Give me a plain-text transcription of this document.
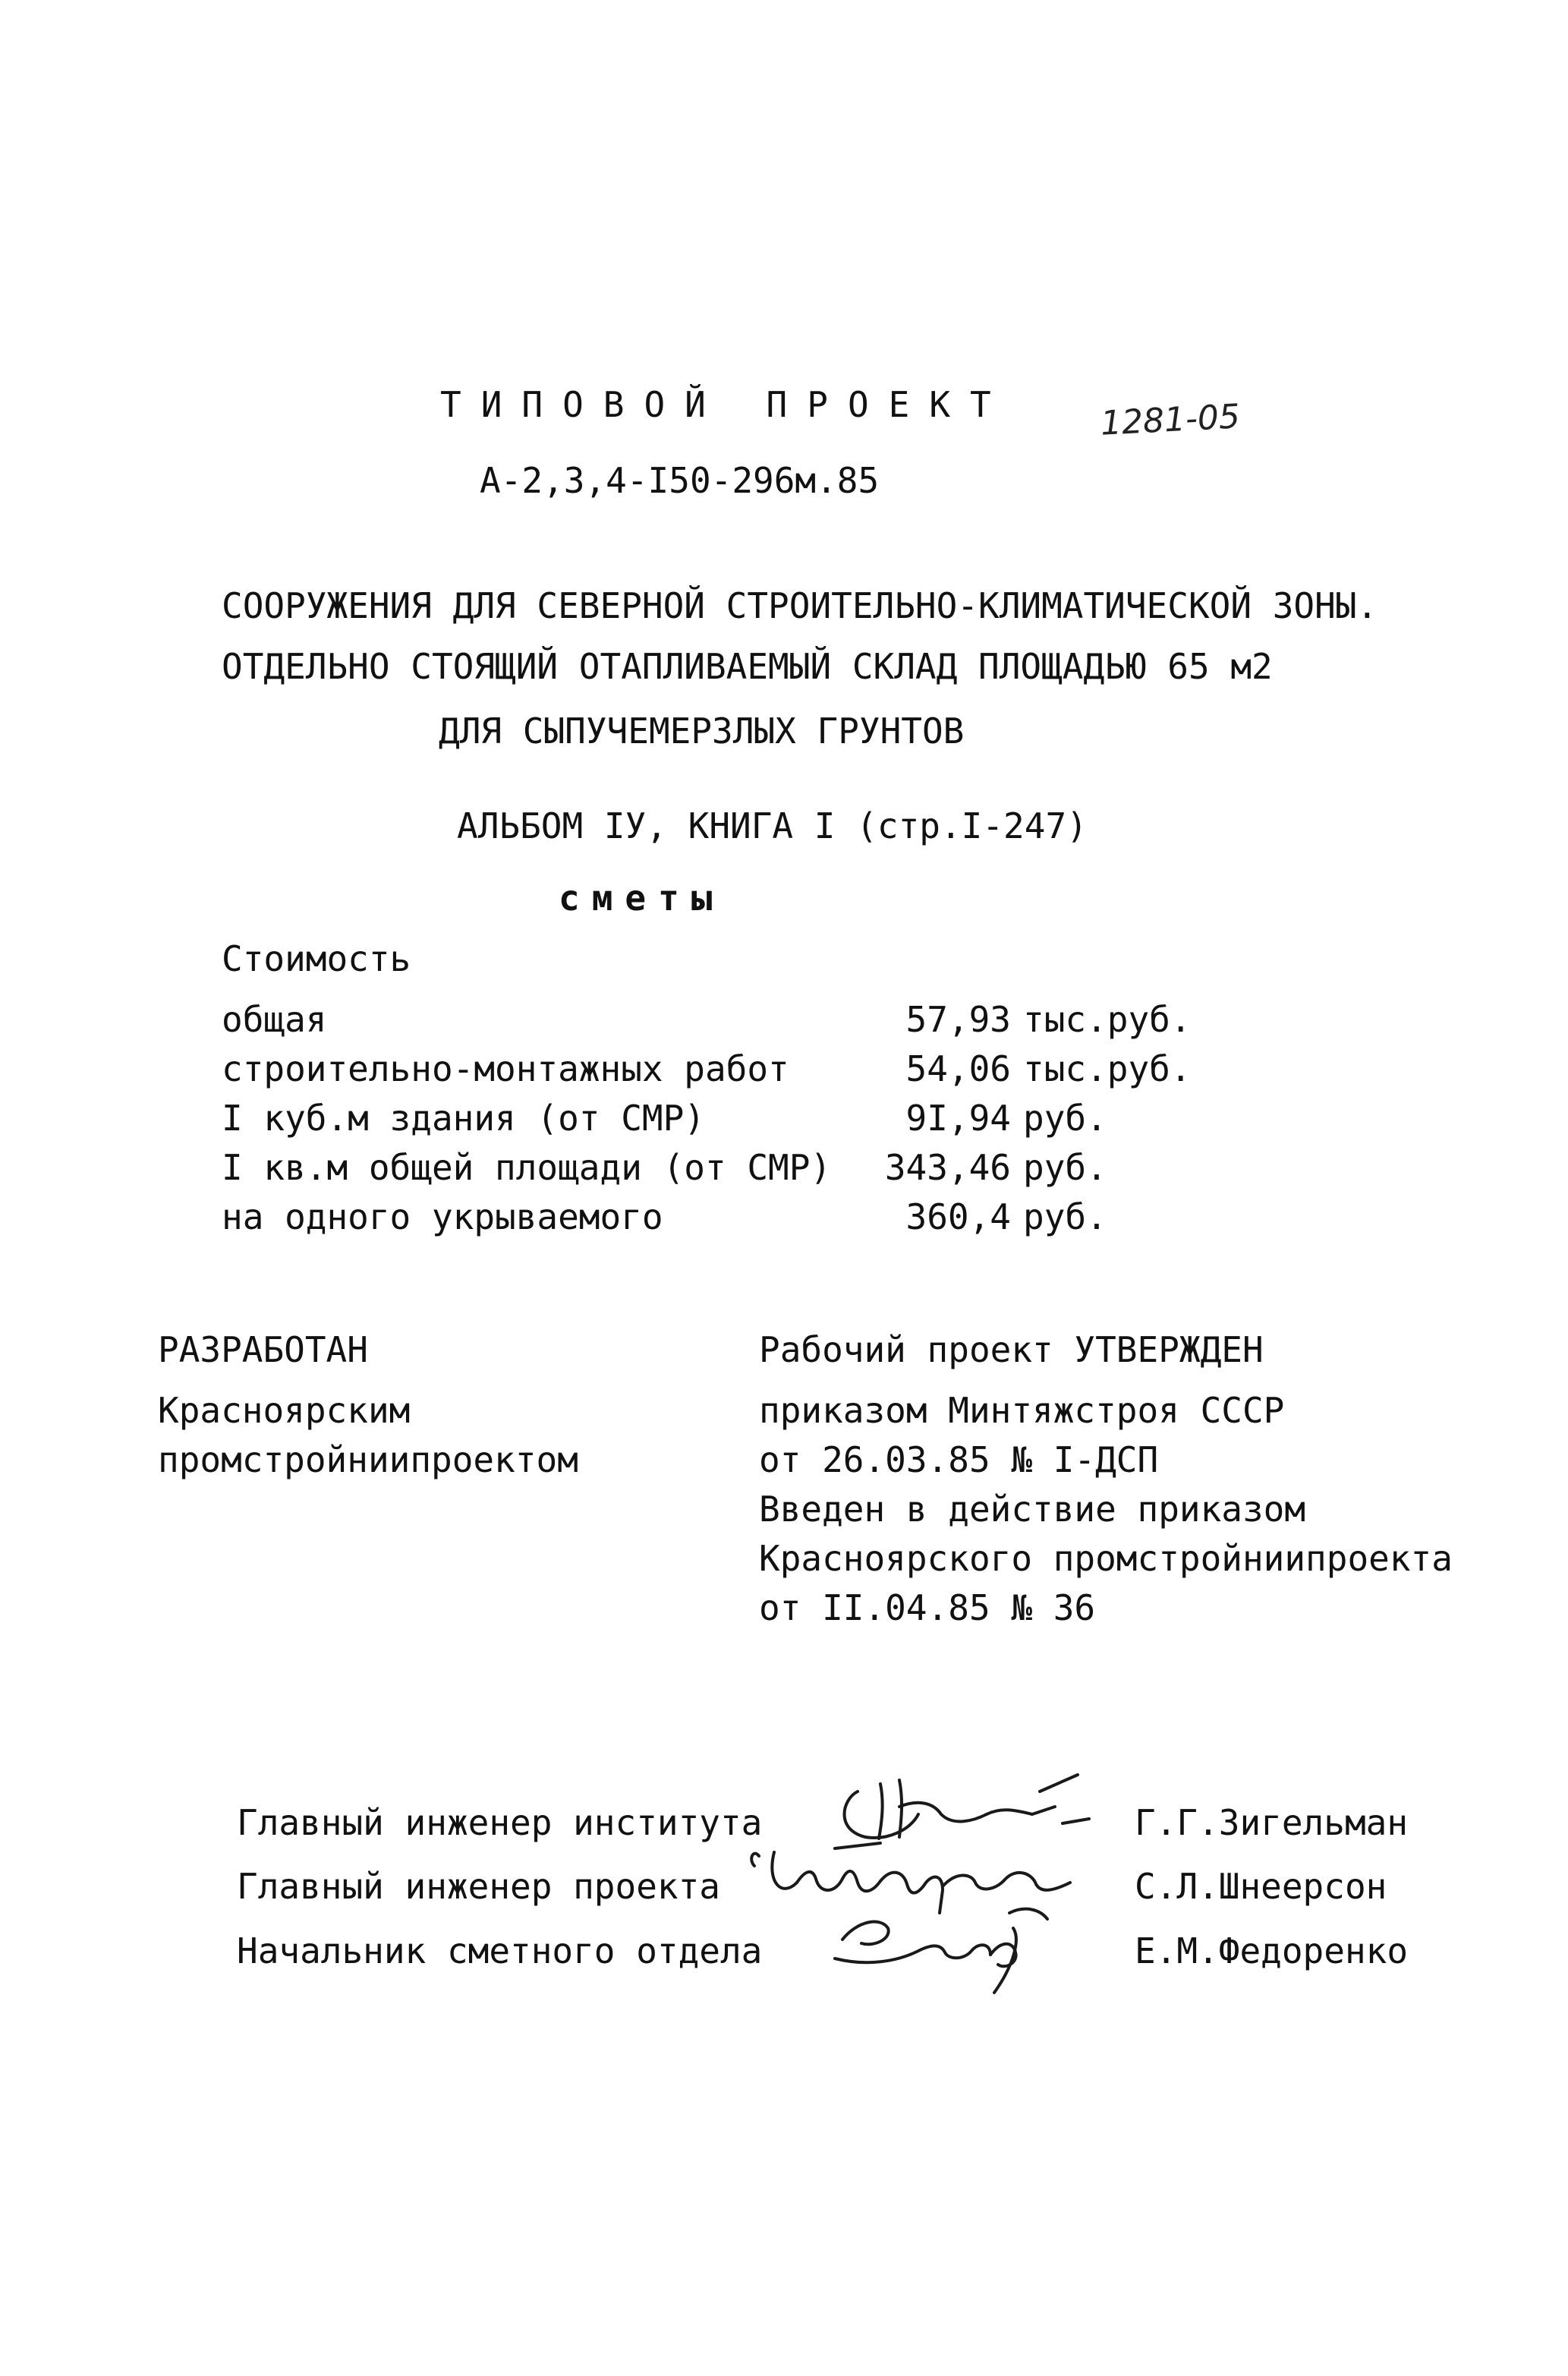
ТИПОВОЙ ПРОЕКТ
А-2,3,4-I50-296м.85
1281-05
СООРУЖЕНИЯ ДЛЯ СЕВЕРНОЙ СТРОИТЕЛЬНО-КЛИМАТИЧЕСКОЙ ЗОНЫ.
ОТДЕЛЬНО СТОЯЩИЙ ОТАПЛИВАЕМЫЙ СКЛАД ПЛОЩАДЬЮ 65 м2
ДЛЯ СЫПУЧЕМЕРЗЛЫХ ГРУНТОВ
АЛЬБОМ IУ, КНИГА I (стр.I-247)
сметы
Стоимость
общая	57,93 тыс.руб.
строительно-монтажных работ	54,06 тыс.руб.
I куб.м здания (от СМР)	9I,94 руб.
I кв.м общей площади (от СМР)	343,46 руб.
на одного укрываемого	360,4 руб.
РАЗРАБОТАН
Красноярским
промстройниипроектом
Рабочий проект УТВЕРЖДЕН
приказом Минтяжстроя СССР
от 26.03.85 № I-ДСП
Введен в действие приказом
Красноярского промстройниипроекта
от II.04.85 № 36
Главный инженер института	Г.Г.Зигельман
Главный инженер проекта	С.Л.Шнеерсон
Начальник сметного отдела	Е.М.Федоренко
